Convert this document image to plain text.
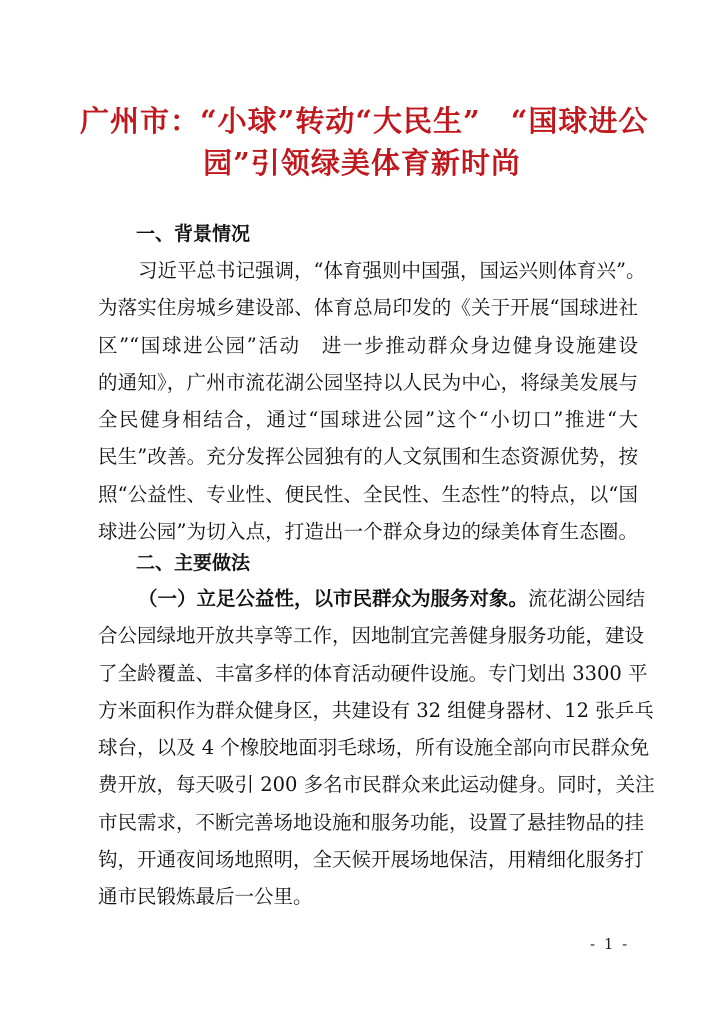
广州市：“小球”转动“大民生”　“国球进公
园”引领绿美体育新时尚
一、背景情况
习近平总书记强调，“体育强则中国强，国运兴则体育兴”。
为落实住房城乡建设部、体育总局印发的《关于开展“国球进社
区”“国球进公园”活动　进一步推动群众身边健身设施建设
的通知》，广州市流花湖公园坚持以人民为中心，将绿美发展与
全民健身相结合，通过“国球进公园”这个“小切口”推进“大
民生”改善。充分发挥公园独有的人文氛围和生态资源优势，按
照“公益性、专业性、便民性、全民性、生态性”的特点，以“国
球进公园”为切入点，打造出一个群众身边的绿美体育生态圈。
二、主要做法
（一）立足公益性，以市民群众为服务对象。流花湖公园结
合公园绿地开放共享等工作，因地制宜完善健身服务功能，建设
了全龄覆盖、丰富多样的体育活动硬件设施。专门划出 3300 平
方米面积作为群众健身区，共建设有 32 组健身器材、12 张乒乓
球台，以及 4 个橡胶地面羽毛球场，所有设施全部向市民群众免
费开放，每天吸引 200 多名市民群众来此运动健身。同时，关注
市民需求，不断完善场地设施和服务功能，设置了悬挂物品的挂
钩，开通夜间场地照明，全天候开展场地保洁，用精细化服务打
通市民锻炼最后一公里。
- 1 -
